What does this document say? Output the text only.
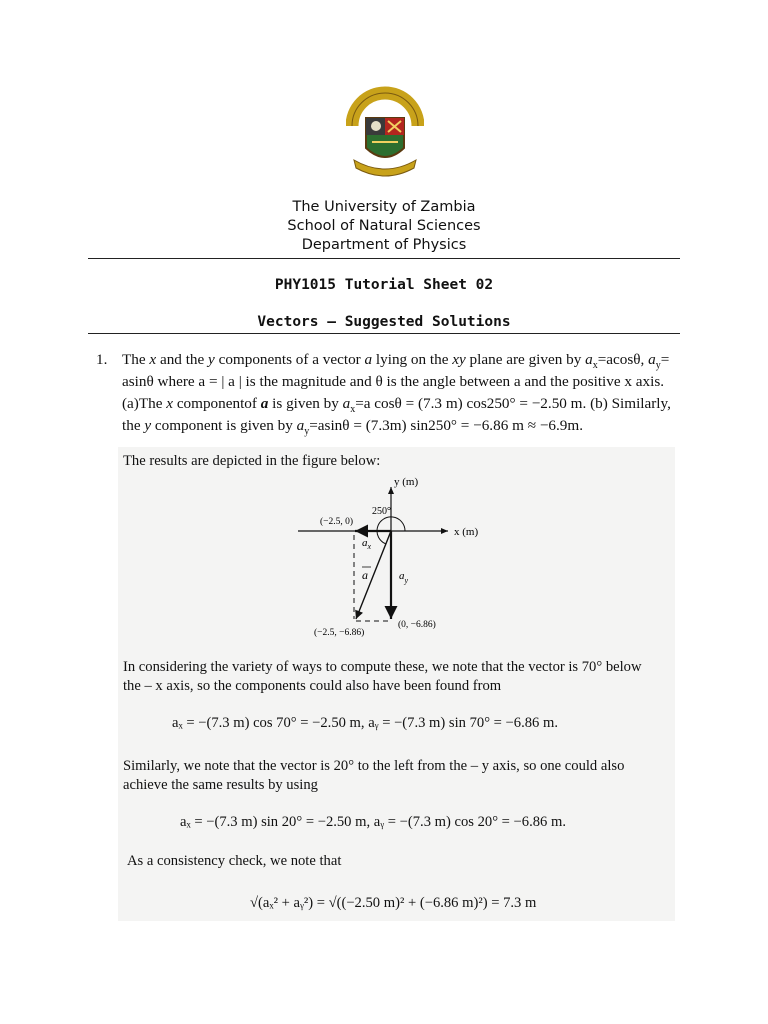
The University of Zambia
School of Natural Sciences
Department of Physics
PHY1015 Tutorial Sheet 02
Vectors – Suggested Solutions
1. The x and the y components of a vector a lying on the xy plane are given by $a_x=acos\theta$, $a_y=$
asinθ where a = | a | is the magnitude and θ is the angle between a and the positive x axis.
(a)The x componentof a is given by $a_x=a$ cosθ = (7.3 m) cos250° = −2.50 m. (b) Similarly,
the y component is given by $a_y=asin\theta = (7.3m) \sin 250^\circ = -6.86$ m ≈ −6.9m.
The results are depicted in the figure below:
y (m)
x (m)
250°
(−2.5, 0)
(−2.5, −6.86)
(0, −6.86)
$a_x$
$a_y$
a
In considering the variety of ways to compute these, we note that the vector is 70° below
the – x axis, so the components could also have been found from
aₓ = −(7.3 m) cos 70° = −2.50 m, aᵧ = −(7.3 m) sin 70° = −6.86 m.
Similarly, we note that the vector is 20° to the left from the – y axis, so one could also
achieve the same results by using
aₓ = −(7.3 m) sin 20° = −2.50 m, aᵧ = −(7.3 m) cos 20° = −6.86 m.
As a consistency check, we note that
√(aₓ² + aᵧ²) = √((−2.50 m)² + (−6.86 m)²) = 7.3 m
